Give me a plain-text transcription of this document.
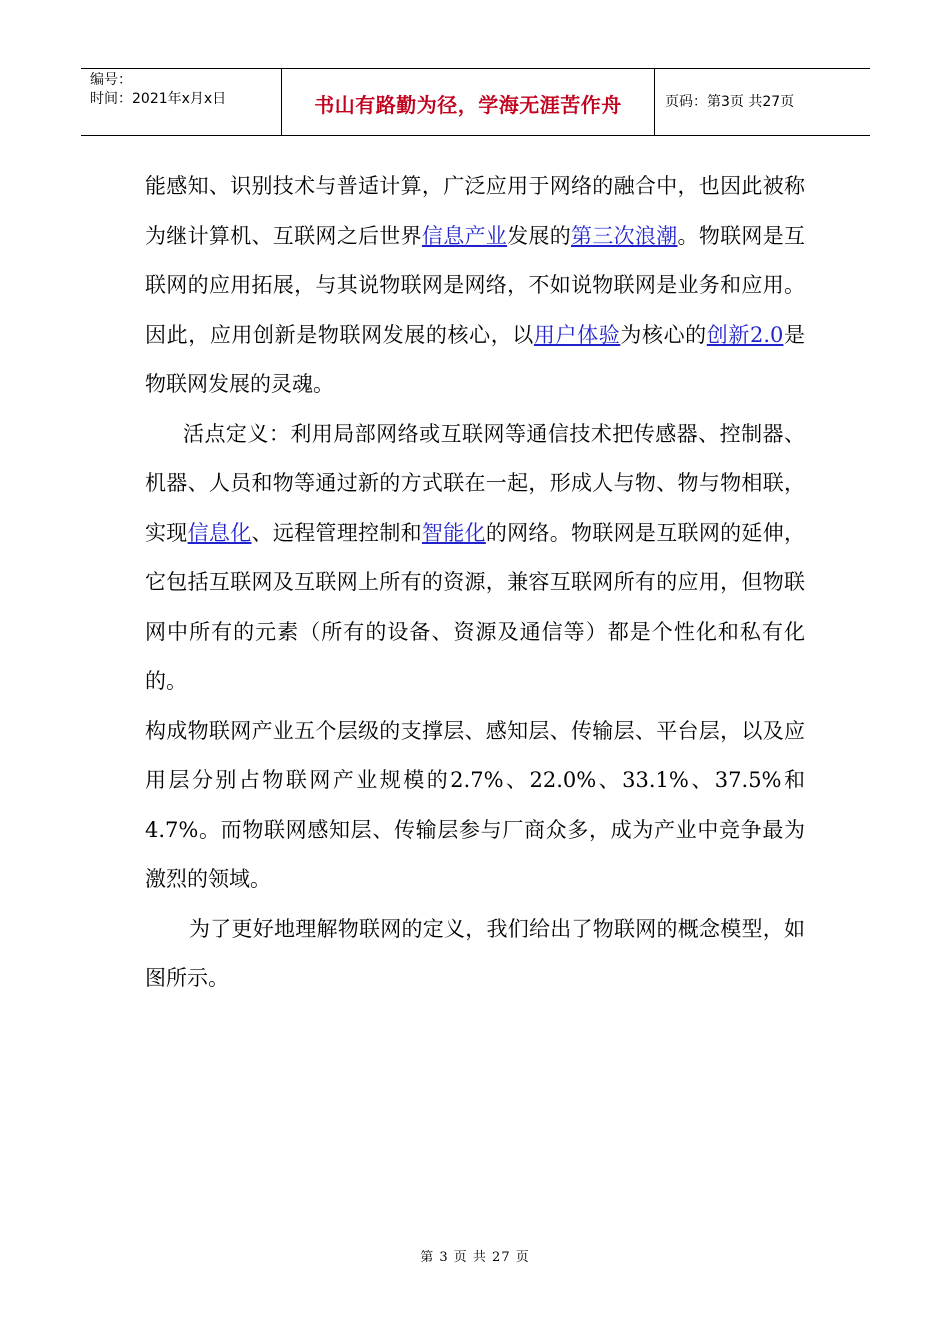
编号：
时间：2021年x月x日	书山有路勤为径，学海无涯苦作舟	页码：第3页 共27页

能感知、识别技术与普适计算，广泛应用于网络的融合中，也因此被称为继计算机、互联网之后世界信息产业发展的第三次浪潮。物联网是互联网的应用拓展，与其说物联网是网络，不如说物联网是业务和应用。因此，应用创新是物联网发展的核心，以用户体验为核心的创新2.0是物联网发展的灵魂。

活点定义：利用局部网络或互联网等通信技术把传感器、控制器、机器、人员和物等通过新的方式联在一起，形成人与物、物与物相联，实现信息化、远程管理控制和智能化的网络。物联网是互联网的延伸，它包括互联网及互联网上所有的资源，兼容互联网所有的应用，但物联网中所有的元素（所有的设备、资源及通信等）都是个性化和私有化的。

构成物联网产业五个层级的支撑层、感知层、传输层、平台层，以及应用层分别占物联网产业规模的2.7%、22.0%、33.1%、37.5%和4.7%。而物联网感知层、传输层参与厂商众多，成为产业中竞争最为激烈的领域。

为了更好地理解物联网的定义，我们给出了物联网的概念模型，如图所示。

第 3 页 共 27 页
